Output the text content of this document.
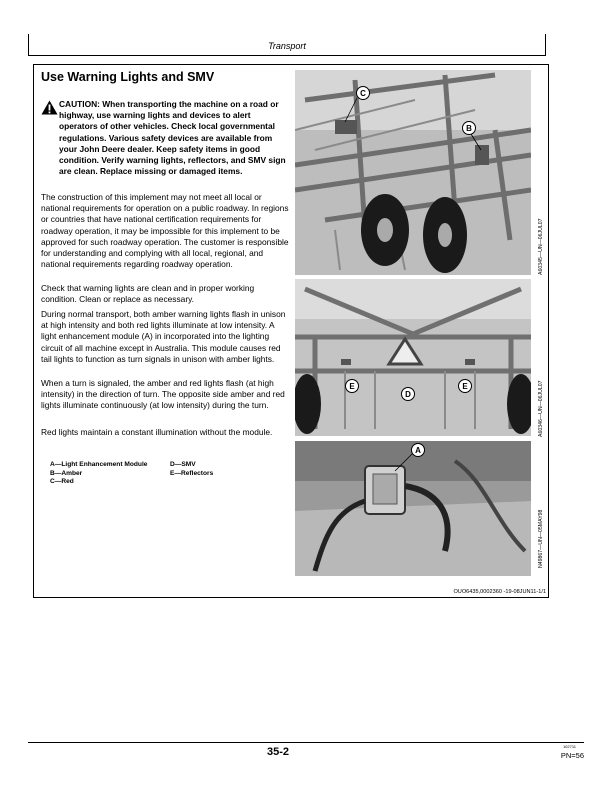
Transport
Use Warning Lights and SMV
CAUTION: When transporting the machine on a road or highway, use warning lights and devices to alert operators of other vehicles. Check local governmental regulations. Various safety devices are available from your John Deere dealer. Keep safety items in good condition. Verify warning lights, reflectors, and SMV sign are clean. Replace missing or damaged items.
The construction of this implement may not meet all local or national requirements for operation on a public roadway. In regions or countries that have national certification requirements for roadway operation, it may be impossible for this implement to be approved for such roadway operation. The customer is responsible for understanding and complying with all local, regional, and national requirements regarding roadway operation.
Check that warning lights are clean and in proper working condition. Clean or replace as necessary.
During normal transport, both amber warning lights flash in unison at high intensity and both red lights illuminate at low intensity. A light enhancement module (A) in incorporated into the lighting circuit of all machine except in Australia. This module causes red tail lights to function as turn signals in unison with amber lights.
When a turn is signaled, the amber and red lights flash (at high intensity) in the direction of turn. The opposite side amber and red lights illuminate continuously (at low intensity) during the turn.
Red lights maintain a constant illumination without the module.
A—Light Enhancement Module
B—Amber
C—Red
D—SMV
E—Reflectors
C
B
E
D
E
A
A60345—UN—06JUL07
A60346—UN—06JUL07
N49867—UN—05MAY98
OUO6435,0002360 -19-08JUN11-1/1
35-2	102711
PN=56
